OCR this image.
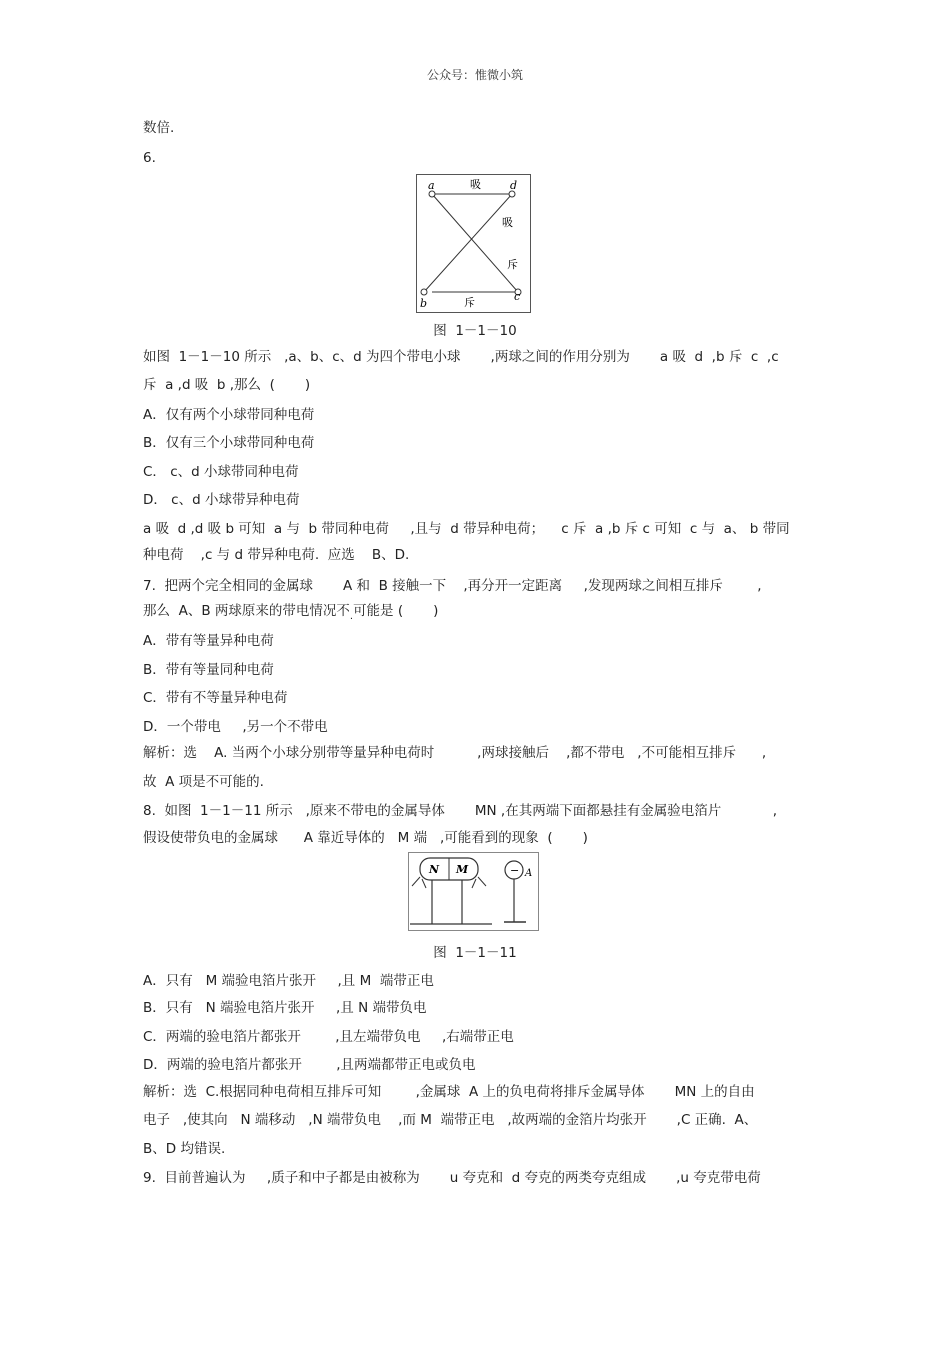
公众号：惟微小筑
数倍.
6.
a	d
b
c
吸
吸
斥
斥
图  1－1－10
如图  1－1－10 所示   ,a、b、c、d 为四个带电小球       ,两球之间的作用分别为       a 吸  d  ,b 斥  c  ,c
斥  a ,d 吸  b ,那么  (       )
A．仅有两个小球带同种电荷
B．仅有三个小球带同种电荷
C． c、d 小球带同种电荷
D． c、d 小球带异种电荷
a 吸  d ,d 吸 b 可知  a 与  b 带同种电荷     ,且与  d 带异种电荷；    c 斥  a ,b 斥 c 可知  c 与  a、 b 带同
种电荷    ,c 与 d 带异种电荷.  应选    B、D.
7.  把两个完全相同的金属球       A 和  B 接触一下    ,再分开一定距离     ,发现两球之间相互排斥        ,
那么  A、B 两球原来的带电情况不$_.$可能是 (       )
A．带有等量异种电荷
B．带有等量同种电荷
C．带有不等量异种电荷
D．一个带电     ,另一个不带电
解析：选    A. 当两个小球分别带等量异种电荷时          ,两球接触后    ,都不带电   ,不可能相互排斥      ,
故  A 项是不可能的.
8.  如图  1－1－11 所示   ,原来不带电的金属导体       MN ,在其两端下面都悬挂有金属验电箔片            ,
假设使带负电的金属球      A 靠近导体的   M 端   ,可能看到的现象  (       )
N M	− A
图  1－1－11
A．只有   M 端验电箔片张开     ,且 M  端带正电
B．只有   N 端验电箔片张开     ,且 N 端带负电
C．两端的验电箔片都张开        ,且左端带负电     ,右端带正电
D．两端的验电箔片都张开        ,且两端都带正电或负电
解析：选  C.根据同种电荷相互排斥可知        ,金属球  A 上的负电荷将排斥金属导体       MN 上的自由
电子   ,使其向   N 端移动   ,N 端带负电    ,而 M  端带正电   ,故两端的金箔片均张开       ,C 正确.  A、
B、D 均错误.
9.  目前普遍认为     ,质子和中子都是由被称为       u 夸克和  d 夸克的两类夸克组成       ,u 夸克带电荷
